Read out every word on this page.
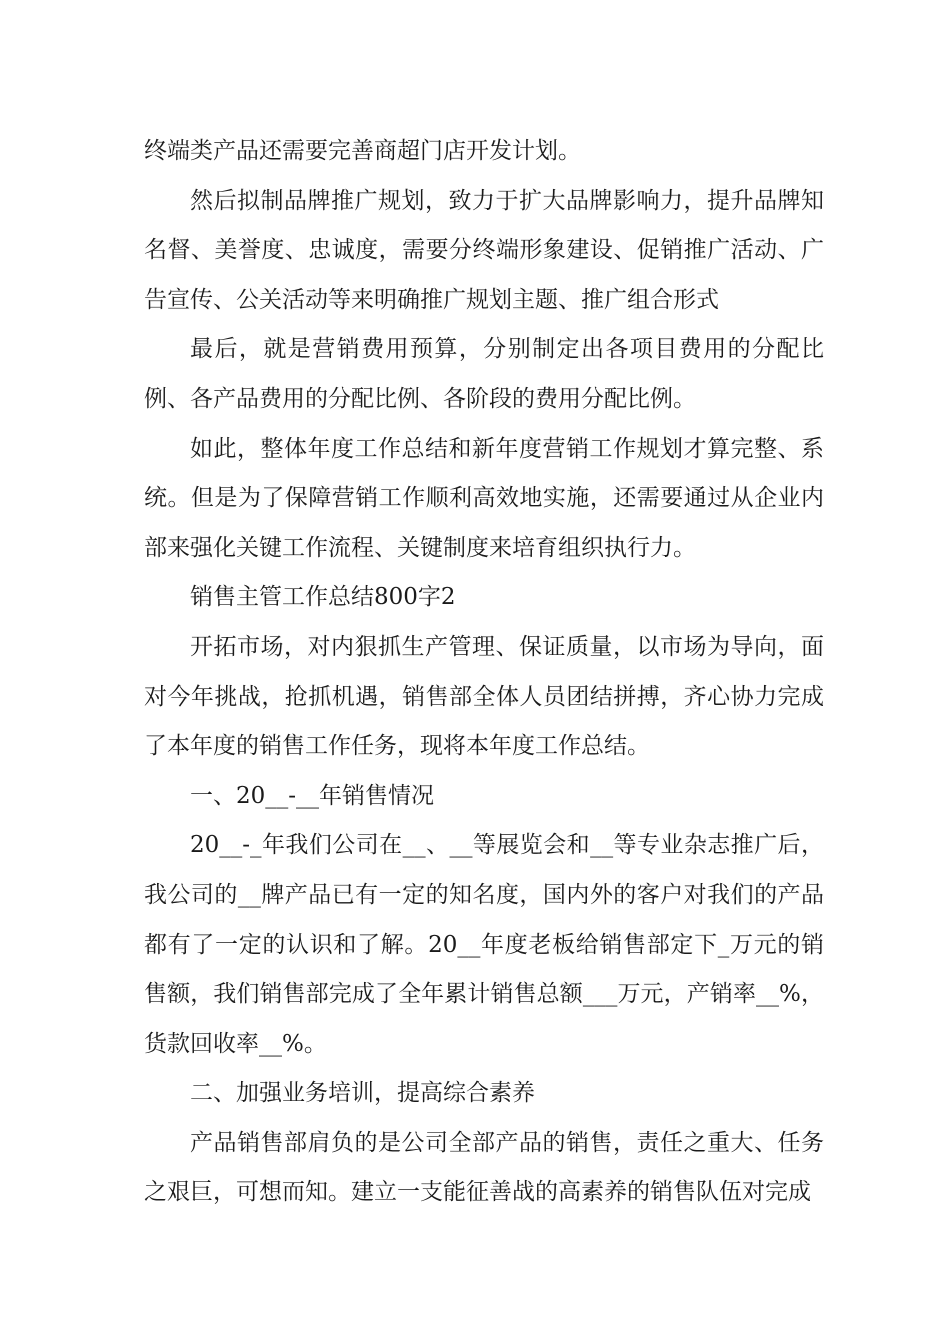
终端类产品还需要完善商超门店开发计划。

然后拟制品牌推广规划，致力于扩大品牌影响力，提升品牌知名督、美誉度、忠诚度，需要分终端形象建设、促销推广活动、广告宣传、公关活动等来明确推广规划主题、推广组合形式

最后，就是营销费用预算，分别制定出各项目费用的分配比例、各产品费用的分配比例、各阶段的费用分配比例。

如此，整体年度工作总结和新年度营销工作规划才算完整、系统。但是为了保障营销工作顺利高效地实施，还需要通过从企业内部来强化关键工作流程、关键制度来培育组织执行力。

销售主管工作总结800字2

开拓市场，对内狠抓生产管理、保证质量，以市场为导向，面对今年挑战，抢抓机遇，销售部全体人员团结拼搏，齐心协力完成了本年度的销售工作任务，现将本年度工作总结。

一、20__-__年销售情况

20__-_年我们公司在__、__等展览会和__等专业杂志推广后，我公司的__牌产品已有一定的知名度，国内外的客户对我们的产品都有了一定的认识和了解。20__年度老板给销售部定下_万元的销售额，我们销售部完成了全年累计销售总额___万元，产销率__%，货款回收率__%。

二、加强业务培训，提高综合素养

产品销售部肩负的是公司全部产品的销售，责任之重大、任务之艰巨，可想而知。建立一支能征善战的高素养的销售队伍对完成
